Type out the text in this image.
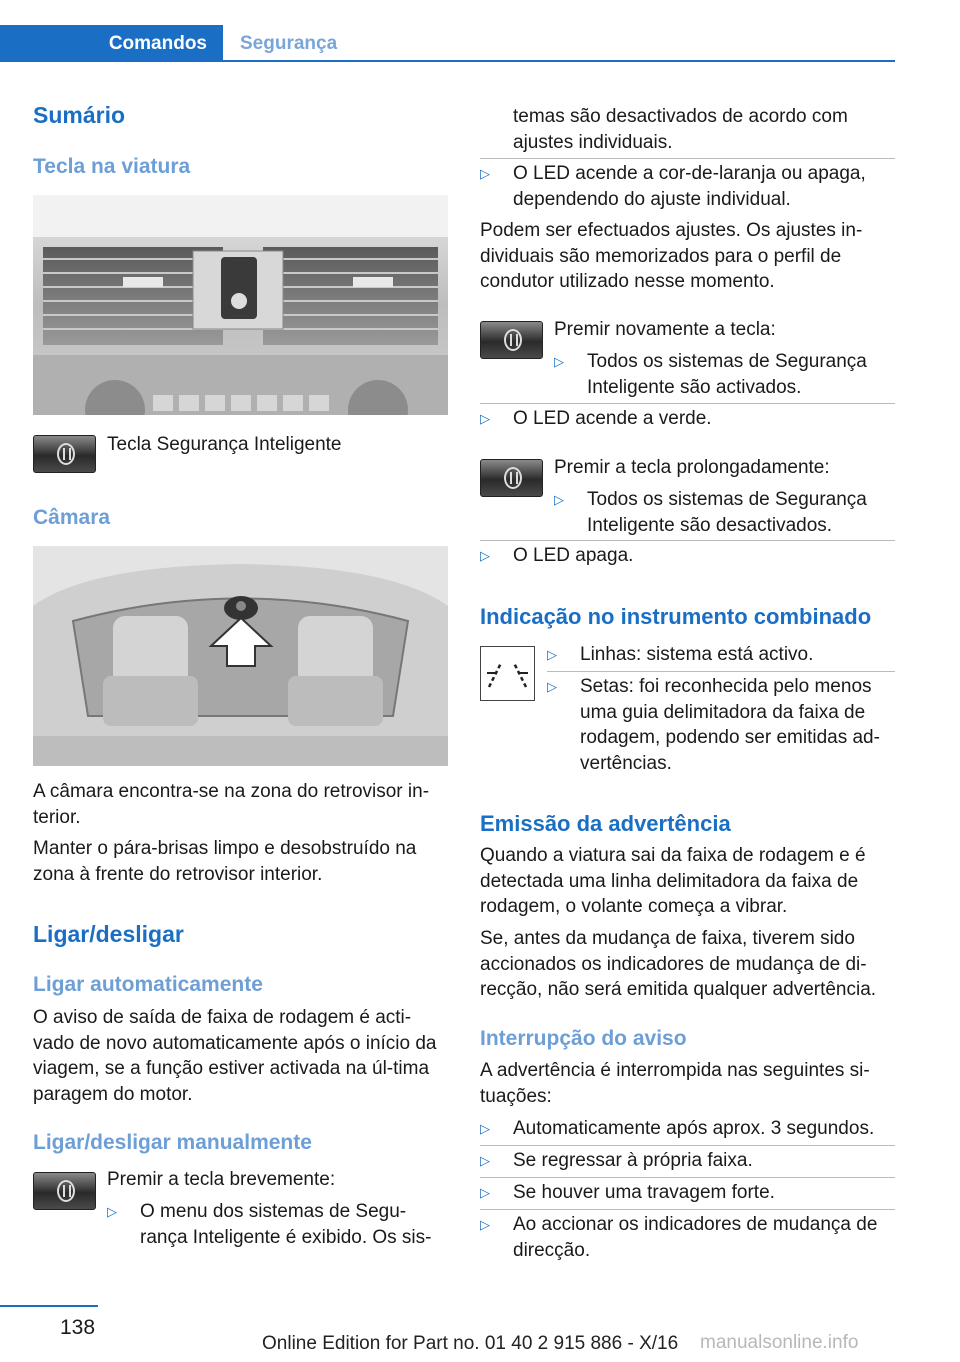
Comandos Segurança
Sumário
Tecla na viatura
Tecla Segurança Inteligente
Câmara
A câmara encontra-se na zona do retrovisor in-terior.
Manter o pára-brisas limpo e desobstruído na zona à frente do retrovisor interior.
Ligar/desligar
Ligar automaticamente
O aviso de saída de faixa de rodagem é acti-vado de novo automaticamente após o início da viagem, se a função estiver activada na úl-tima paragem do motor.
Ligar/desligar manualmente
Premir a tecla brevemente:
▷ O menu dos sistemas de Segu-rança Inteligente é exibido. Os sis-
temas são desactivados de acordo com ajustes individuais.
▷ O LED acende a cor-de-laranja ou apaga, dependendo do ajuste individual.
Podem ser efectuados ajustes. Os ajustes in-dividuais são memorizados para o perfil de condutor utilizado nesse momento.
Premir novamente a tecla:
▷ Todos os sistemas de Segurança Inteligente são activados.
▷ O LED acende a verde.
Premir a tecla prolongadamente:
▷ Todos os sistemas de Segurança Inteligente são desactivados.
▷ O LED apaga.
Indicação no instrumento combinado
▷ Linhas: sistema está activo.
▷ Setas: foi reconhecida pelo menos uma guia delimitadora da faixa de rodagem, podendo ser emitidas ad-vertências.
Emissão da advertência
Quando a viatura sai da faixa de rodagem e é detectada uma linha delimitadora da faixa de rodagem, o volante começa a vibrar.
Se, antes da mudança de faixa, tiverem sido accionados os indicadores de mudança de di-recção, não será emitida qualquer advertência.
Interrupção do aviso
A advertência é interrompida nas seguintes si-tuações:
▷ Automaticamente após aprox. 3 segundos.
▷ Se regressar à própria faixa.
▷ Se houver uma travagem forte.
▷ Ao accionar os indicadores de mudança de direcção.
138
Online Edition for Part no. 01 40 2 915 886 - X/16 manualsonline.info
